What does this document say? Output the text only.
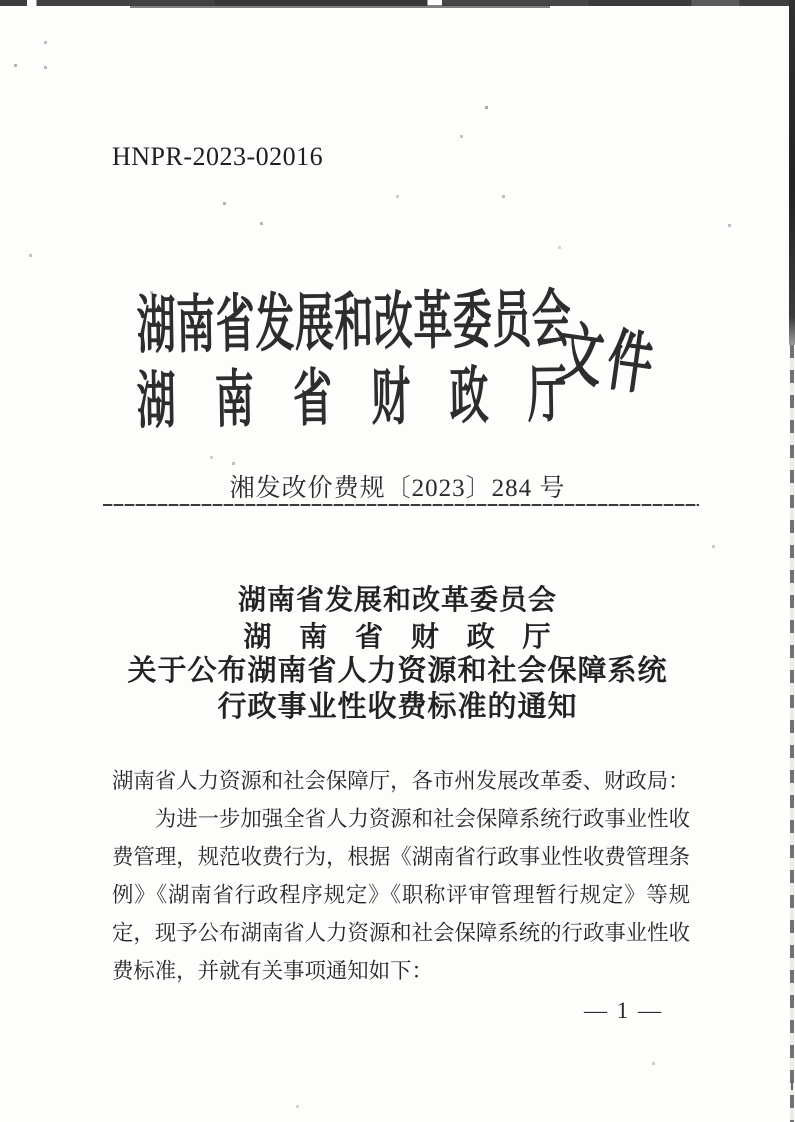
HNPR-2023-02016
湖南省发展和改革委员会
湖南省财政厅
文件
湘发改价费规〔2023〕284 号
湖南省发展和改革委员会
湖南省财政厅
关于公布湖南省人力资源和社会保障系统
行政事业性收费标准的通知

湖南省人力资源和社会保障厅，各市州发展改革委、财政局：

为进一步加强全省人力资源和社会保障系统行政事业性收费管理，规范收费行为，根据《湖南省行政事业性收费管理条例》《湖南省行政程序规定》《职称评审管理暂行规定》等规定，现予公布湖南省人力资源和社会保障系统的行政事业性收费标准，并就有关事项通知如下：

— 1 —
